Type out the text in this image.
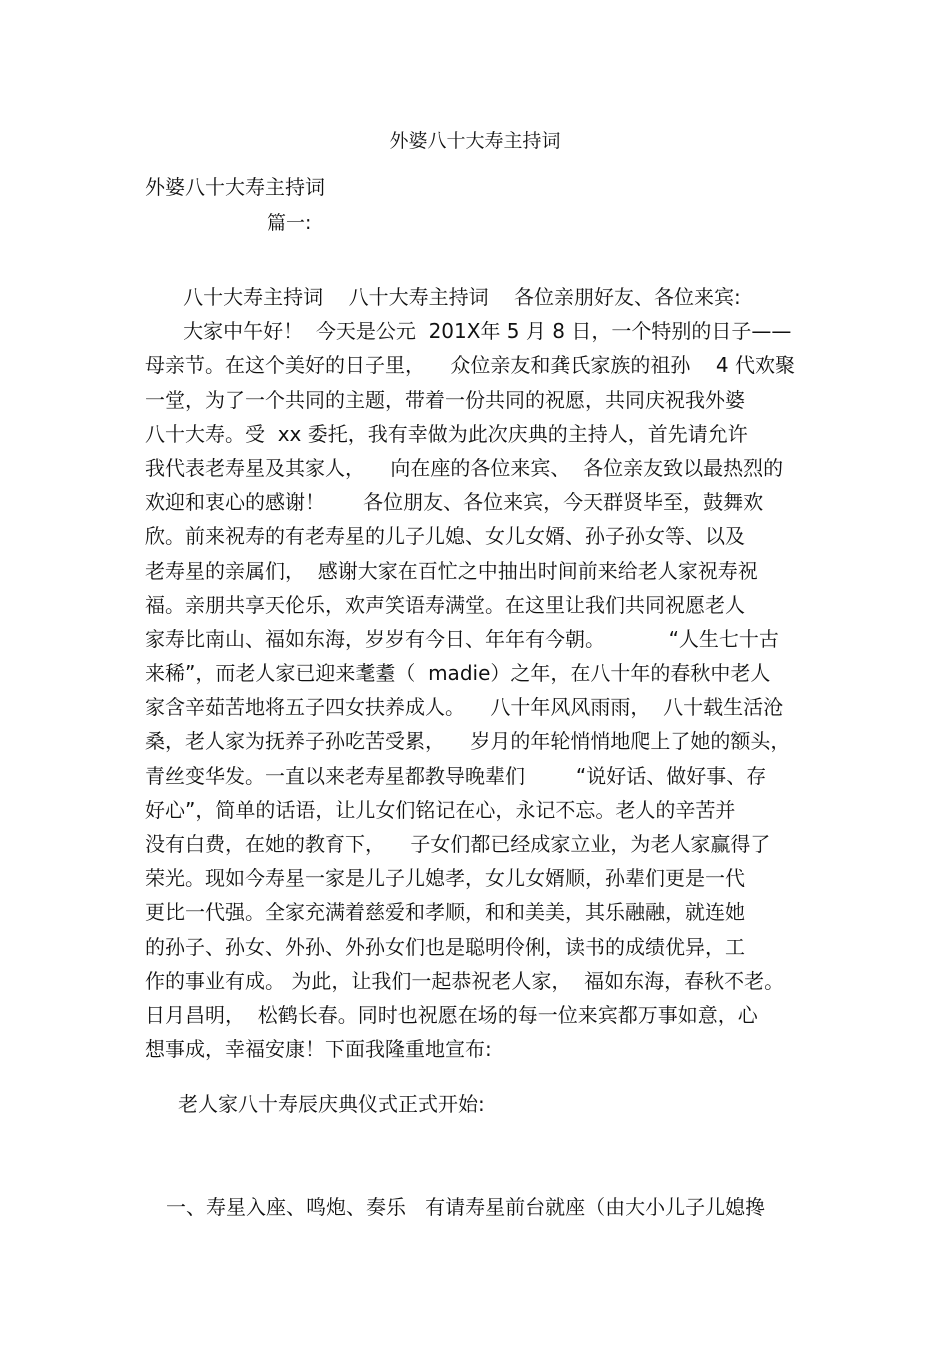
外婆八十大寿主持词
外婆八十大寿主持词
篇一:
八十大寿主持词    八十大寿主持词    各位亲朋好友、各位来宾:
大家中午好！  今天是公元  201X年 5 月 8 日，一个特别的日子——
母亲节。在这个美好的日子里，    众位亲友和龚氏家族的祖孙    4 代欢聚
一堂，为了一个共同的主题，带着一份共同的祝愿，共同庆祝我外婆
八十大寿。受  xx 委托，我有幸做为此次庆典的主持人，首先请允许
我代表老寿星及其家人，    向在座的各位来宾、  各位亲友致以最热烈的
欢迎和衷心的感谢！      各位朋友、各位来宾，今天群贤毕至，鼓舞欢
欣。前来祝寿的有老寿星的儿子儿媳、女儿女婿、孙子孙女等、以及
老寿星的亲属们，  感谢大家在百忙之中抽出时间前来给老人家祝寿祝
福。亲朋共享天伦乐，欢声笑语寿满堂。在这里让我们共同祝愿老人
家寿比南山、福如东海，岁岁有今日、年年有今朝。          “人生七十古
来稀”，而老人家已迎来耄耋（  madie）之年，在八十年的春秋中老人
家含辛茹苦地将五子四女扶养成人。    八十年风风雨雨，  八十载生活沧
桑，老人家为抚养子孙吃苦受累，    岁月的年轮悄悄地爬上了她的额头，
青丝变华发。一直以来老寿星都教导晚辈们        “说好话、做好事、存
好心”，简单的话语，让儿女们铭记在心，永记不忘。老人的辛苦并
没有白费，在她的教育下，    子女们都已经成家立业，为老人家赢得了
荣光。现如今寿星一家是儿子儿媳孝，女儿女婿顺，孙辈们更是一代
更比一代强。全家充满着慈爱和孝顺，和和美美，其乐融融，就连她
的孙子、孙女、外孙、外孙女们也是聪明伶俐，读书的成绩优异，工
作的事业有成。 为此，让我们一起恭祝老人家，  福如东海，春秋不老。
日月昌明，  松鹤长春。同时也祝愿在场的每一位来宾都万事如意，心
想事成，幸福安康！下面我隆重地宣布:
老人家八十寿辰庆典仪式正式开始:
一、寿星入座、鸣炮、奏乐   有请寿星前台就座（由大小儿子儿媳搀
